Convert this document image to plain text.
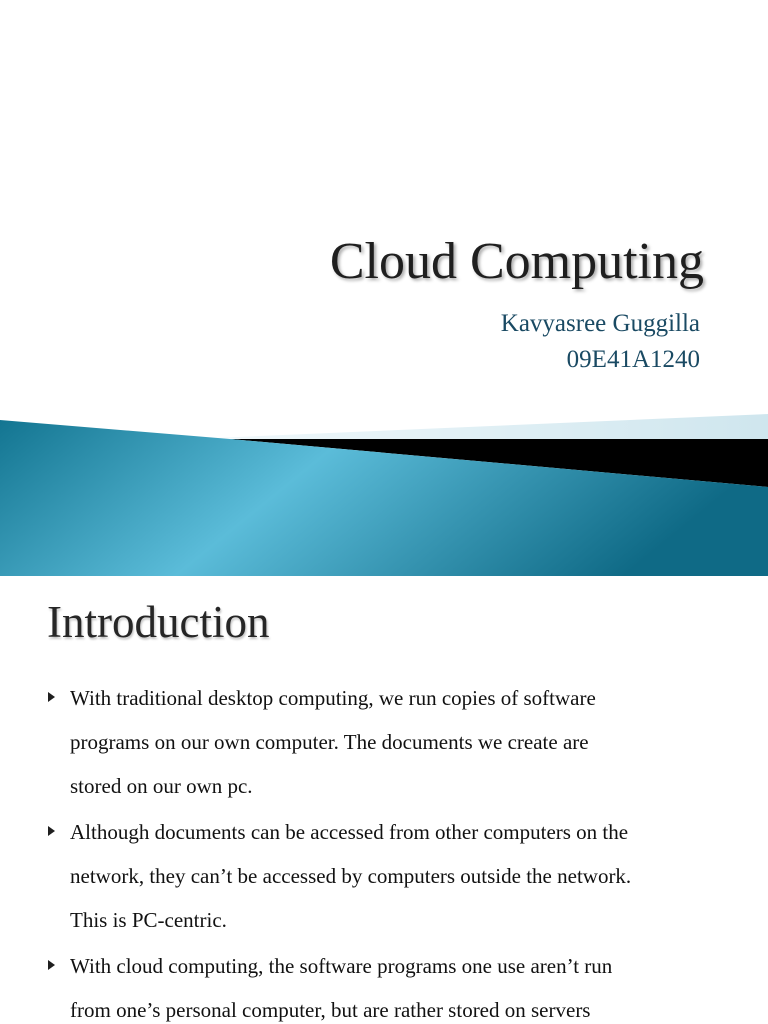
Cloud Computing
Kavyasree Guggilla
09E41A1240
Introduction
With traditional desktop computing, we run copies of software
programs on our own computer. The documents we create are
stored on our own pc.
Although documents can be accessed from other computers on the
network, they can’t be accessed by computers outside the network.
This is PC-centric.
With cloud computing, the software programs one use aren’t run
from one’s personal computer, but are rather stored on servers
